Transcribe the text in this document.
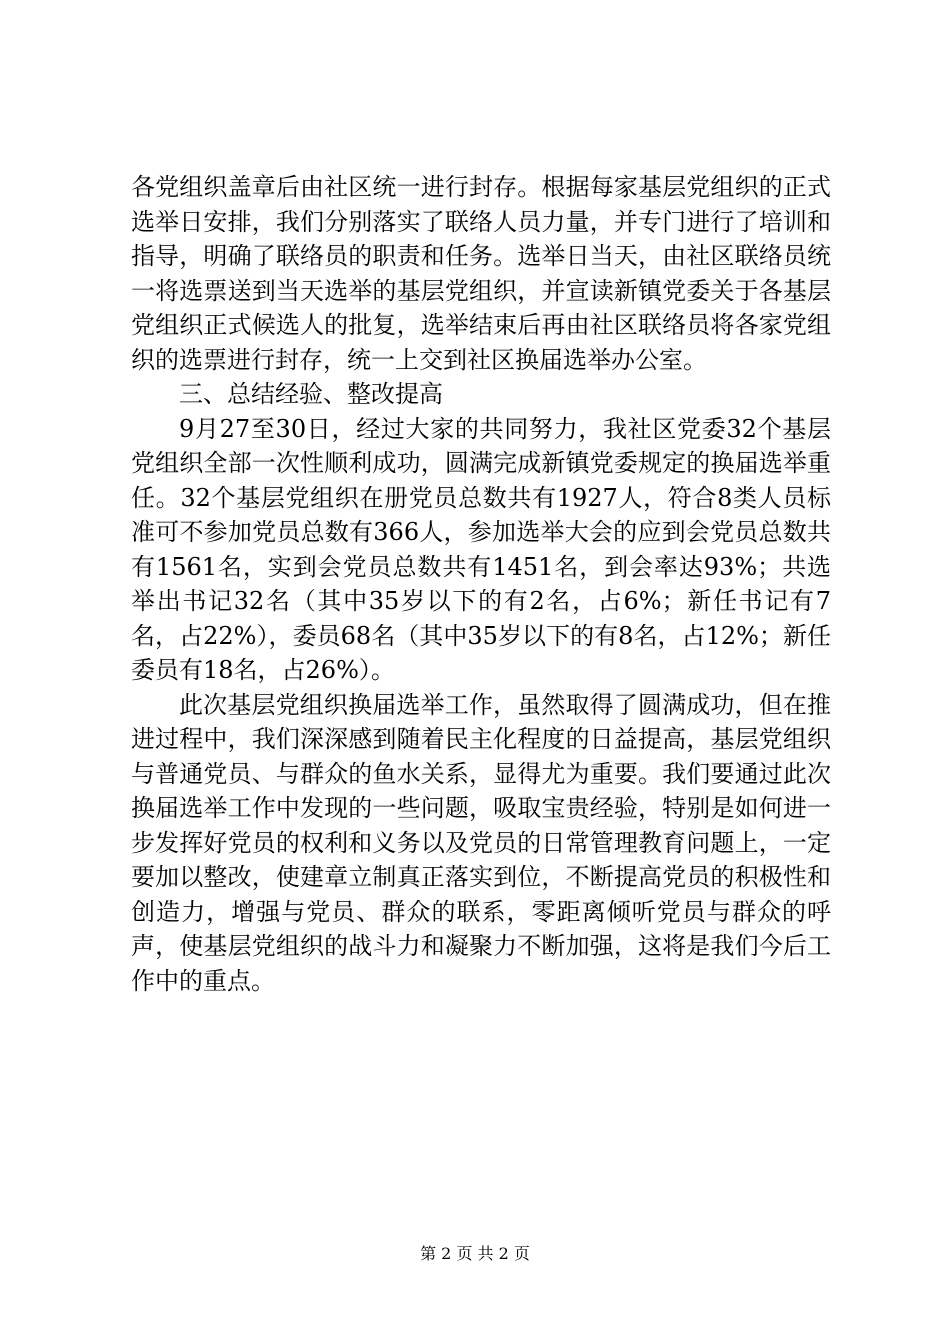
各党组织盖章后由社区统一进行封存。根据每家基层党组织的正式选举日安排，我们分别落实了联络人员力量，并专门进行了培训和指导，明确了联络员的职责和任务。选举日当天，由社区联络员统一将选票送到当天选举的基层党组织，并宣读新镇党委关于各基层党组织正式候选人的批复，选举结束后再由社区联络员将各家党组织的选票进行封存，统一上交到社区换届选举办公室。

三、总结经验、整改提高

9月27至30日，经过大家的共同努力，我社区党委32个基层党组织全部一次性顺利成功，圆满完成新镇党委规定的换届选举重任。32个基层党组织在册党员总数共有1927人，符合8类人员标准可不参加党员总数有366人，参加选举大会的应到会党员总数共有1561名，实到会党员总数共有1451名，到会率达93%；共选举出书记32名（其中35岁以下的有2名，占6%；新任书记有7名，占22%），委员68名（其中35岁以下的有8名，占12%；新任委员有18名，占26%）。

此次基层党组织换届选举工作，虽然取得了圆满成功，但在推进过程中，我们深深感到随着民主化程度的日益提高，基层党组织与普通党员、与群众的鱼水关系，显得尤为重要。我们要通过此次换届选举工作中发现的一些问题，吸取宝贵经验，特别是如何进一步发挥好党员的权利和义务以及党员的日常管理教育问题上，一定要加以整改，使建章立制真正落实到位，不断提高党员的积极性和创造力，增强与党员、群众的联系，零距离倾听党员与群众的呼声，使基层党组织的战斗力和凝聚力不断加强，这将是我们今后工作中的重点。

第 2 页 共 2 页
